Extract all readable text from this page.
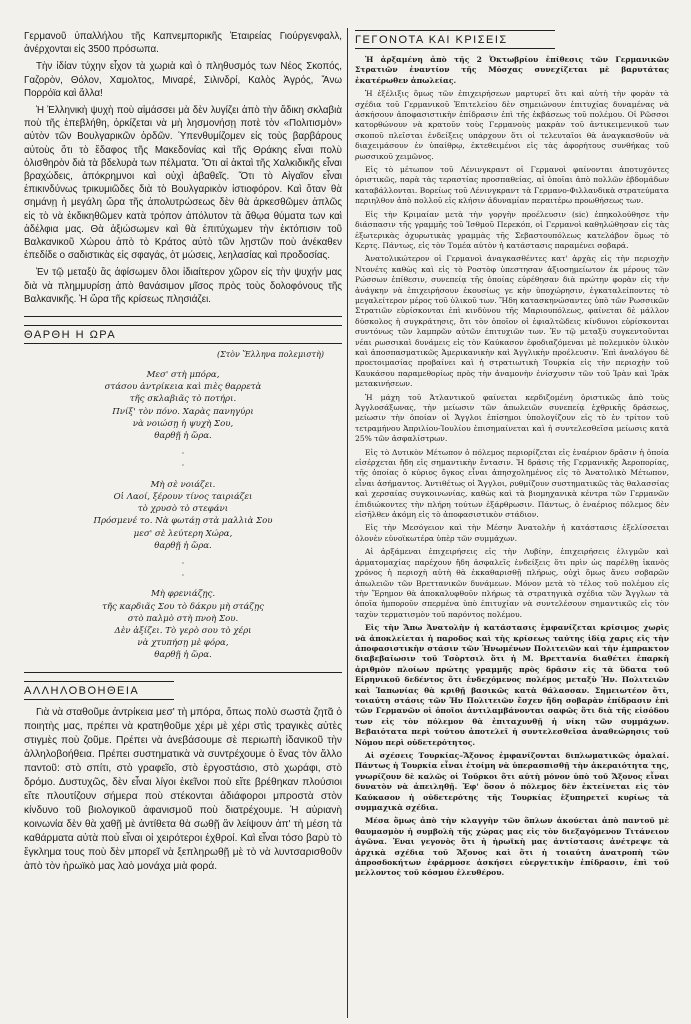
Γερμανοῦ ὑπαλλήλου τῆς Καπνεμπορικῆς Ἑταιρείας Γιούργενφαλλ, ἀνέρχονται εἰς 3500 πρόσωπα.

Τὴν ἰδίαν τύχην εἶχον τὰ χωριὰ καὶ ὁ πληθυσμός των Νέος Σκοπός, Γαζορὸν, Θόλον, Χαμολτος, Μιναρέ, Σιλινδρί, Καλὸς Ἀγρός, Ἄνω Πορρόϊα καὶ ἄλλα!

Ἡ Ἑλληνικὴ ψυχὴ ποὺ αἱμάσσει μὰ δὲν λυγίζει ἀπὸ τὴν ἄδικη σκλαβιὰ ποὺ τῆς ἐπεβλήθη, ὁρκίζεται νὰ μὴ λησμονήσῃ ποτὲ τὸν «Πολιτισμὸν» αὐτὸν τῶν Βουλγαρικῶν ὀρδῶν. Ὑπενθυμίζομεν εἰς τοὺς βαρβάρους αὐτοὺς ὅτι τὸ ἔδαφος τῆς Μακεδονίας καὶ τῆς Θράκης εἶναι πολὺ ὀλισθηρὸν διὰ τὰ βδελυρὰ των πέλματα. Ὅτι αἱ ἀκταὶ τῆς Χαλκιδικῆς εἶναι βραχώδεις, ἀπόκρημνοι καὶ οὐχὶ ἀβαθεῖς. Ὅτι τὸ Αἰγαῖον εἶναι ἐπικινδύνως τρικυμιῶδες διὰ τὸ Βουλγαρικὸν ἰστιοφόρον. Καὶ ὅταν θὰ σημάνῃ ἡ μεγάλη ὥρα τῆς ἀπολυτρώσεως δὲν θὰ ἀρκεσθῶμεν ἁπλῶς εἰς τὸ νὰ ἐκδικηθῶμεν κατὰ τρόπον ἀπόλυτον τὰ ἄθῳα θύματα των καὶ ἀδέλφια μας. Θὰ ἀξιώσωμεν καὶ θὰ ἐπιτύχωμεν τὴν ἐκτόπισιν τοῦ Βαλκανικοῦ Χώρου ἀπὸ τὸ Κράτος αὐτὸ τῶν λῃστῶν ποὺ ἀνέκαθεν ἐπεδίδε ο σαδιστικὰς εἰς σφαγάς, ὀτ μώσεις, λεηλασίας καὶ προδοσίας.

Ἐν τῷ μεταξὺ ἂς ἀφίσωμεν ὅλοι ἰδιαίτερον χῶρον εἰς τὴν ψυχήν μας διὰ νὰ πλημμυρίσῃ ἀπὸ θανάσιμον μῖσος πρὸς τοὺς δολοφόνους τῆς Βαλκανικῆς. Ἡ ὥρα τῆς κρίσεως πλησιάζει.

ΘΑΡΘΗ Η ΩΡΑ
(Στὸν Ἕλληνα πολεμιστὴ)
Μεσ' στὴ μπόρα,
στάσου ἀντρίκεια καὶ πιὲς θαρρετὰ
τῆς σκλαβιᾶς τὸ ποτήρι.
Πνίξ' τὸν πόνο. Χαρὰς πανηγύρι
νὰ νοιώσῃ ἡ ψυχὴ Σου,
θαρθῇ ἡ ὥρα.
·
·
Μὴ σὲ νοιάζει.
Οἱ Λαοί, ξέρουν τίνος ταιριάζει
τὸ χρυσὸ τὸ στεφάνι
Πρόσμενέ το. Νὰ φωτάῃ στὰ μαλλιὰ Σου
μεσ' σὲ λεύτερη Χώρα,
θαρθῇ ἡ ὥρα.
·
·
Μὴ φρενιάζῃς.
τῆς καρδιᾶς Σου τὸ δάκρυ μὴ στάζῃς
στὸ παλμὸ στὴ πνοὴ Σου.
Δὲν ἀξίζει. Τὸ γερὸ σου τὸ χέρι
νὰ χτυπήσῃ μὲ φόρα,
θαρθῇ ἡ ὥρα.
ΑΛΛΗΛΟΒΟΗΘΕΙΑ

Γιὰ νὰ σταθοῦμε ἀντρίκεια μεσ' τὴ μπόρα, ὅπως πολὺ σωστὰ ζητᾶ ὁ ποιητὴς μας, πρέπει νὰ κρατηθοῦμε χέρι μὲ χέρι στὶς τραγικὲς αὐτὲς στιγμὲς ποὺ ζοῦμε. Πρέπει νὰ ἀνεβάσουμε σὲ περιωπὴ ἰδανικοῦ τὴν ἀλληλοβοήθεια. Πρέπει συστηματικὰ νὰ συντρέχουμε ὁ ἕνας τὸν ἄλλο παντοῦ: στὸ σπίτι, στὸ γραφεῖο, στὸ ἐργοστάσιο, στὸ χωράφι, στὸ δρόμο. Δυστυχῶς, δὲν εἶναι λίγοι ἐκεῖνοι ποὺ εἴτε βρέθηκαν πλούσιοι εἴτε πλουτίζουν σήμερα ποὺ στέκονται ἀδιάφοροι μπροστὰ στὸν κίνδυνο τοῦ βιολογικοῦ ἀφανισμοῦ ποὺ διατρέχουμε. Ἡ αὐριανὴ κοινωνία δὲν θὰ χαθῇ μὲ ἀντίθετα θὰ σωθῇ ἂν λείψουν ἀπ' τὴ μέση τὰ καθάρματα αὐτὰ ποὺ εἶναι οἱ χειρότεροι ἐχθροί. Καὶ εἶναι τόσο βαρὺ τὸ ἔγκλημα τους ποὺ δὲν μπορεῖ νὰ ξεπληρωθῇ μὲ τὸ νὰ λυντσαρισθοῦν ἀπὸ τὸν ἡρωϊκὸ μας λαὸ μονάχα μιὰ φορά.

ΓΕΓΟΝΟΤΑ ΚΑΙ ΚΡΙΣΕΙΣ

Ἡ ἀρξαμένη ἀπὸ τῆς 2 Ὀκτωβρίου ἐπίθεσις τῶν Γερμανικῶν Στρατιῶν ἐναντίον τῆς Μόσχας συνεχίζεται μὲ βαρυτάτας ἑκατέρωθεν ἀπωλείας.

Ἡ ἐξέλιξις ὅμως τῶν ἐπιχειρήσεων μαρτυρεῖ ὅτι καὶ αὐτὴ τὴν φορὰν τὰ σχέδια τοῦ Γερμανικοῦ Ἐπιτελείου δὲν σημειώνουν ἐπιτυχίας δυναμένας νὰ ἀσκήσουν ἀποφασιστικὴν ἐπίδρασιν ἐπὶ τῆς ἐκβάσεως τοῦ πολέμου. Οἱ Ρῶσσοι κατορθώνουν νὰ κρατοῦν τοὺς Γερμανοὺς μακρὰν τοῦ ἀντικειμενικοῦ των σκοποῦ πλεῖσται ἐνδείξεις υπάρχουν ὅτι οἱ τελευταῖοι θὰ ἀναγκασθοῦν νὰ διαχειμάσουν ἐν ὑπαίθρῳ, ἐκτεθειμένοι εἰς τὰς ἀφορήτους συνθήκας τοῦ ρωσσικοῦ χειμῶνος.

Εἰς τὸ μέτωπον τοῦ Λένινγκραντ οἱ Γερμανοὶ φαίνονται ἀποτυχόντες ὁριστικῶς, παρὰ τὰς τεραστίας προσπαθείας, αἱ ὁποῖαι ἀπὸ πολλῶν ἑβδομάδων καταβάλλονται. Βορείως τοῦ Λένινγκραντ τὰ Γερμανο-Φιλλανδικὰ στρατεύματα περιηλθον ἀπὸ πολλοῦ εἰς κλήσιν ἀδυναμίαν περαιτέρω προωθήσεως των.

Εἰς τὴν Κριμαίαν μετὰ τὴν γοργὴν προέλευσιν (sic) ἐπηκολούθησε τὴν διάσπασιν τῆς γραμμῆς τοῦ Ἰσθμοῦ Περεκόπ, οἱ Γερμανοὶ καθηλώθησαν εἰς τὰς ἐξωτερικὰς ὀχυρωτικὰς γραμμὰς τῆς Σεβαστουπόλεως κατελάβον ὅμως τὸ Κερτς. Πάντως, εἰς τὸν Τομέα αὐτὸν ἡ κατάστασις παραμένει σοβαρά.

Ἀνατολικώτερον οἱ Γερμανοὶ ἀναγκασθέντες κατ' ἀρχὰς εἰς τὴν περιοχὴν Ντονέτς καθὼς καὶ εἰς τὸ Ροστὸφ ὑπεστησαν ἀξιοσημείωτον ἐκ μέρους τῶν Ρώσσων ἐπίθεσιν, συνεπείᾳ τῆς ὁποίας εὑρέθησαν διὰ πρώτην φορὰν εἰς τὴν ἀνάγκην νὰ ἐπιχειρήσουν ἐκουσίως γε κὴν ὑποχώρησιν, ἐγκαταλείποντες τὸ μεγαλείτερον μέρος τοῦ ὑλικοῦ των. Ἤδη κατασκηνώσαντες ὑπὸ τῶν Ρωσσικῶν Στρατιῶν εὑρίσκονται ἐπὶ κινδύνου τῆς Μαριουπόλεως, φαίνεται δὲ μάλλον δύσκολος ἡ συγκράτησις, ὅτι τὸν ὁποῖον οἱ ἐφιαλτῶδεις κίνδυνοι εὑρίσκονται συντόνως τῶν λαμπρῶν αὐτῶν ἐπιτυχιῶν των. Ἐν τῷ μεταξὺ συγκεντοῦνται νέαι ρωσσικαὶ δυνάμεις εἰς τὸν Καύκασον ἐφοδιαζόμεναι μὲ πολεμικὸν ὑλικὸν καὶ ἀποσπασματικῶς Ἀμερικανικὴν καὶ Ἀγγλικὴν προέλευσιν. Ἐπὶ ἀναλόγου δὲ προετοιμασίας προβαίνει καὶ ἡ στρατιωτικὴ Τουρκία εἰς τὴν περιοχὴν τοῦ Καυκάσου παραμεθορίως πρὸς τὴν ἀναμονὴν ἐνίσχυσιν τῶν τοῦ Ἰρὰν καὶ Ἰρὰκ μετακινήσεων.

Ἡ μάχη τοῦ Ἀτλαντικοῦ φαίνεται κερδιζομένη ὁριστικῶς ἀπὸ τοὺς Ἀγγλοσάξωνας, τὴν μείωσιν τῶν ἀπωλειῶν συνεπείᾳ ἐχθρικῆς δράσεως, μείωσιν τὴν ὁποίαν οἱ Ἄγγλοι ἐπίσημοι ὑπολογίζουν εἰς τὸ ἐν τρίτον τοῦ τετραμήνου Ἀπριλίου-Ἰουλίου ἐπισημαίνεται καὶ ἡ συντελεσθεῖσα μείωσις κατὰ 25% τῶν ἀσφαλίστρων.

Εἰς τὸ Δυτικὸν Μέτωπον ὁ πόλεμος περιορίζεται εἰς ἐναέριον δρᾶσιν ἡ ὁποία εἰσέρχεται ἤδη εἰς σημαντικὴν ἔντασιν. Ἡ δράσις τῆς Γερμανικῆς Ἀεροπορίας, τῆς ὁποίας ὁ κύριος ὄγκος εἶναι ἀπησχολημένος εἰς τὸ Ἀνατολικὸ Μέτωπον, εἶναι ἀσήμαντος. Ἀντιθέτως οἱ Ἄγγλοι, ρυθμίζουν συστηματικῶς τὰς θαλασσίας καὶ χερσαίας συγκοινωνίας, καθὼς καὶ τὰ βιομηχανικὰ κέντρα τῶν Γερμανῶν ἐπιδιώκοντες τὴν πλήρη τούτων ἐξάρθρωσιν. Πάντως, ὁ ἐναέριος πόλεμος δὲν εἰσῆλθεν ἀκόμη εἰς τὸ ἀποφασιστικὸν στάδιον.

Εἰς τὴν Μεσόγειον καὶ τὴν Μέσην Ἀνατολὴν ἡ κατάστασις ἐξελίσσεται ὁλονὲν εὐνοϊκωτέρα ὑπὲρ τῶν συμμάχων.

Αἱ ἀρξάμεναι ἐπιχειρήσεις εἰς τὴν Λυβίην, ἐπιχειρήσεις ἐλιγμῶν καὶ ἁρματομαχίας παρέχουν ἤδη ἀσφαλεῖς ἐνδείξεις ὅτι πρὶν ὡς παρέλθῃ ἱκανὸς χρόνος ἡ περιοχὴ αὐτὴ θὰ ἐκκαθαρισθῇ πλήρως, οὐχὶ ὅμως ἄνευ σοβαρῶν ἀπωλειῶν τῶν Βρεττανικῶν δυνάμεων. Μόνον μετὰ τὸ τέλος τοῦ πολέμου εἰς τὴν Ἔρημον θὰ ἀποκαλυφθοῦν πλήρως τὰ στρατηγικὰ σχέδια τῶν Ἄγγλων τὰ ὁποῖα ἠμποροῦν σπερμένα ὑπὸ ἐπιτυχίαν νὰ συντελέσουν σημαντικῶς εἰς τὸν ταχὺν τερματισμὸν τοῦ παρόντος πολέμου.

Εἰς τὴν Ἄπω Ἀνατολὴν ἡ κατάστασις ἐμφανίζεται κρίσιμος χωρὶς νὰ ἀποκλείεται ἡ παροδος καὶ τὴς κρίσεως ταύτης ἰδίᾳ χαρις εἰς τὴν ἀποφασιστικὴν στάσιν τῶν Ἡνωμένων Πολιτειῶν καὶ τὴν ἐμπρακτον διαβεβαίωσιν τοῦ Τσὸρτσιλ ὅτι ἡ Μ. Βρεττανία διαθέτει ἐπαρκὴ ἀριθμὸν πλοίων πρώτης γραμμῆς πρὸς δρᾶσιν εἰς τὰ ὕδατα τοῦ Εἰρηνικοῦ δεδέντος ὅτι ἐνδεχόμενος πολέμος μεταξὺ Ἡν. Πολιτειῶν καὶ Ἰαπωνίας θὰ κριθῇ βασικῶς κατὰ θάλασσαν. Σημειωτέον ὅτι, τοιαύτη στάσις τῶν Ἡν Πολιτειῶν ἔσχεν ἤδη σοβαρὰν ἐπίδρασιν ἐπὶ τῶν Γερμανῶν οἱ ὁποῖοι ἀντιλαμβάνονται σαφῶς ὅτι διὰ τῆς εἰσόδου των εἰς τὸν πόλεμον θὰ ἐπιταχυνθῇ ἡ νίκη τῶν συμμάχων. Βεβαιότατα περὶ τούτου ἀποτελεῖ ἡ συντελεσθεῖσα ἀναθεώρησις τοῦ Νόμου περὶ οὐδετερότητος.

Αἱ σχέσεις Τουρκίας–Ἄξονος ἐμφανίζονται διπλωματικῶς ὁμαλαί. Πάντως ἡ Τουρκία εἶναι ἑτοίμη νὰ ὑπερασπισθῇ τὴν ἀκεραιότητα της, γνωρίζουν δὲ καλῶς οἱ Τοῦρκοι ὅτι αὐτὴ μόνον ὑπὸ τοῦ Ἄξονος εἶναι δυνατὸν νὰ ἀπειληθῇ. Ἐφ' ὅσον ὁ πόλεμος δὲν ἐκτείνεται εἰς τὸν Καύκασον ἡ οὐδετερότης τῆς Τουρκίας ἐξυπηρετεῖ κυρίως τὰ συμμαχικὰ σχέδια.

Μέσα ὅμως ἀπὸ τὴν κλαγγὴν τῶν ὅπλων ἀκούεται ἀπὸ παντοῦ μὲ θαυμασμὸν ἡ συμβολὴ τῆς χώρας μας εἰς τὸν διεξαγόμενον Τιτάνειον ἀγῶνα. Ἐναι γεγονὸς ὅτι ἡ ἡρωϊκὴ μας ἀντίστασις ἀνέτρεψε τὰ ἀρχικὰ σχέδια τοῦ Ἄξονος καὶ ὅτι ἡ τοιαύτη ἀνατροπὴ τῶν ἀπροσδοκήτων ἐφάρμοσε ἀσκήσει εὐεργετικὴν ἐπίδρασιν, ἐπὶ τοῦ μελλοντος τοῦ κόσμου ἐλευθέρου.
